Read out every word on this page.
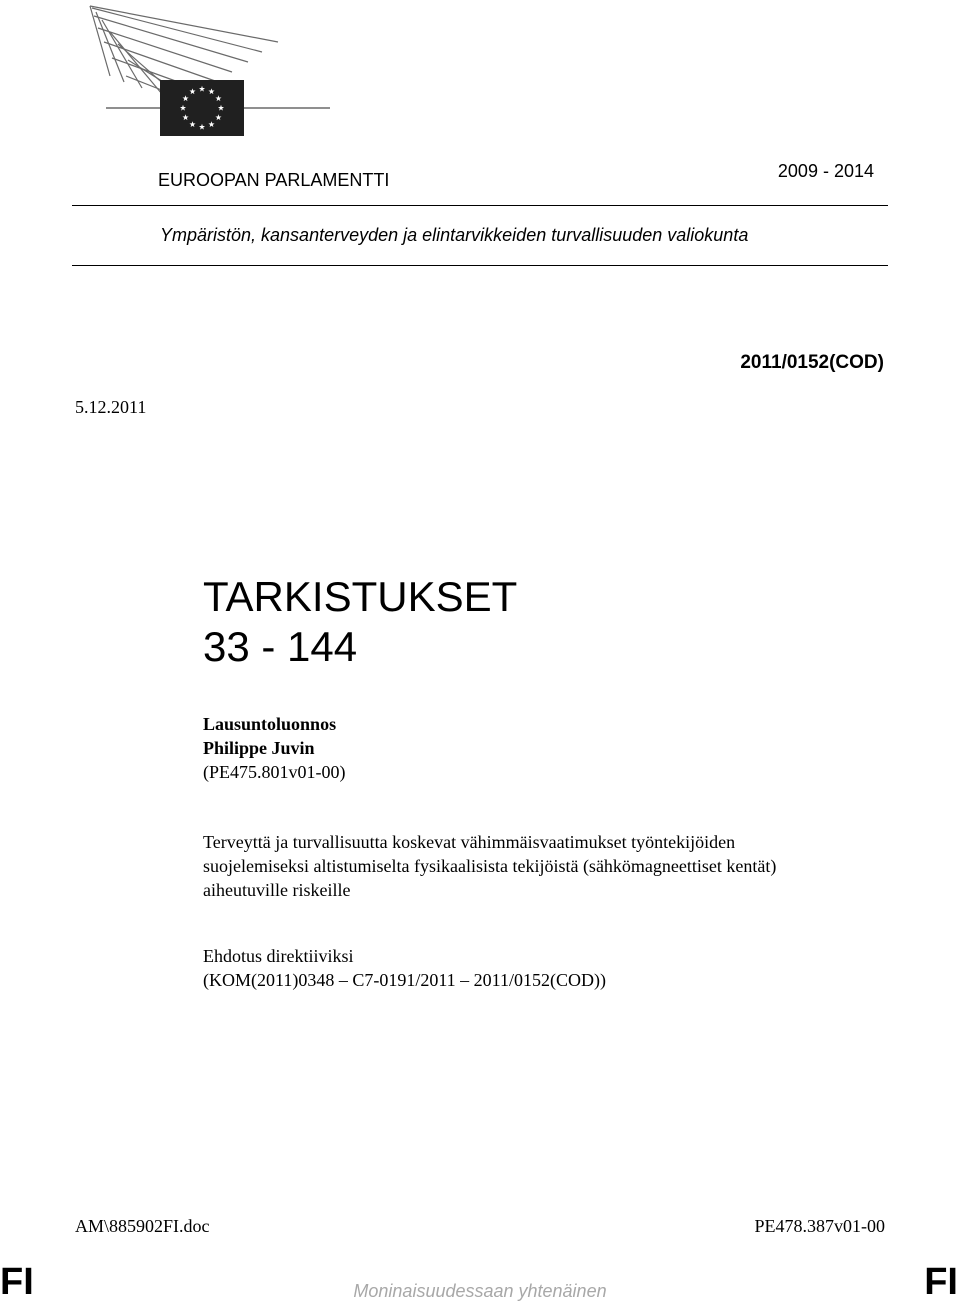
EUROOPAN PARLAMENTTI	2009 - 2014
Ympäristön, kansanterveyden ja elintarvikkeiden turvallisuuden valiokunta
2011/0152(COD)
5.12.2011
TARKISTUKSET
33 - 144
Lausuntoluonnos
Philippe Juvin
(PE475.801v01-00)
Terveyttä ja turvallisuutta koskevat vähimmäisvaatimukset työntekijöiden
suojelemiseksi altistumiselta fysikaalisista tekijöistä (sähkömagneettiset kentät)
aiheutuville riskeille
Ehdotus direktiiviksi
(KOM(2011)0348 – C7-0191/2011 – 2011/0152(COD))
AM\885902FI.doc	PE478.387v01-00
FI	Moninaisuudessaan yhtenäinen	FI
